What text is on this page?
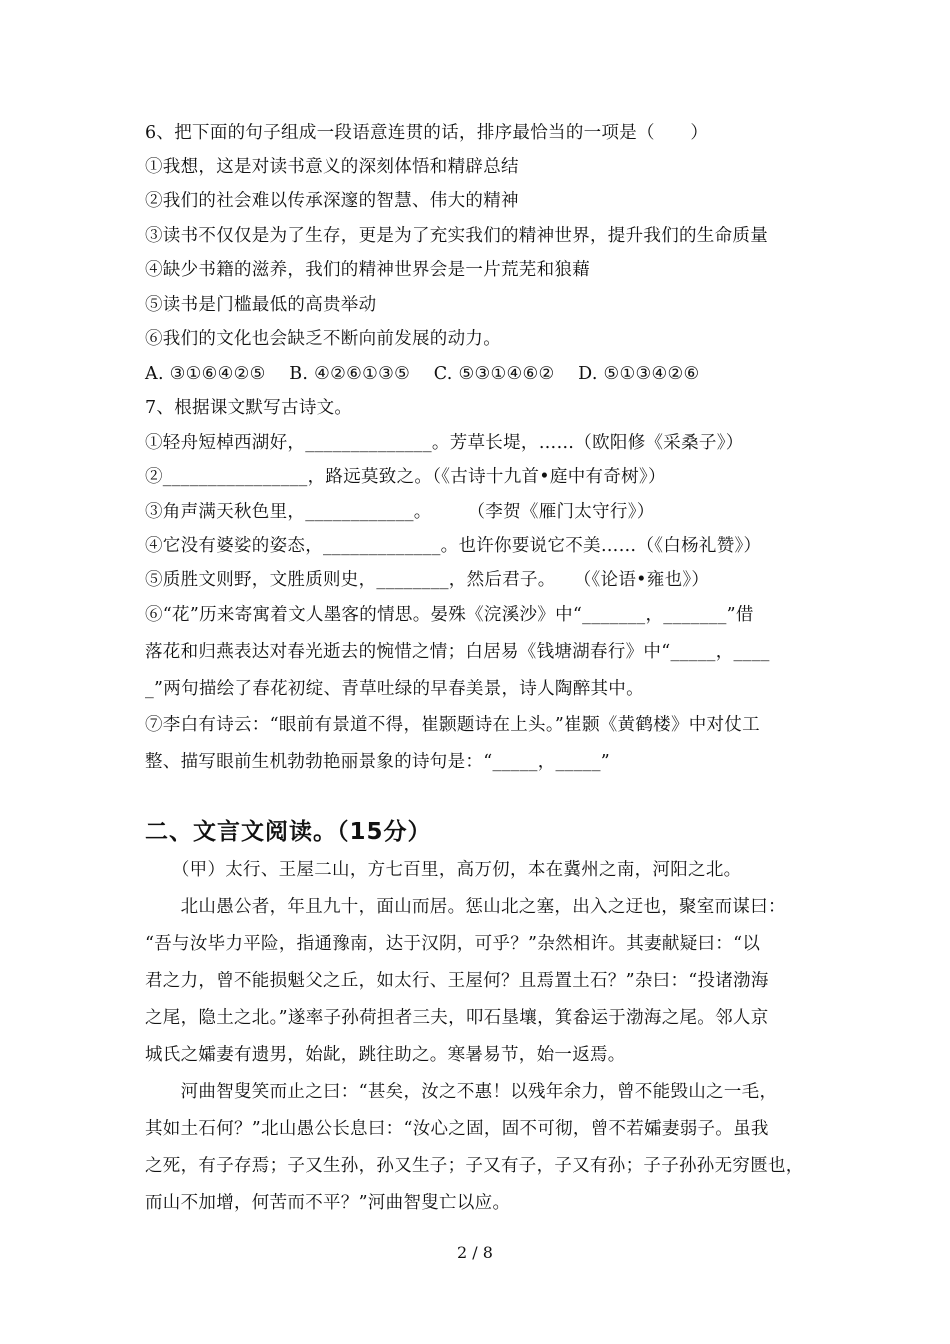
6、把下面的句子组成一段语意连贯的话，排序最恰当的一项是（　　）
①我想，这是对读书意义的深刻体悟和精辟总结
②我们的社会难以传承深邃的智慧、伟大的精神
③读书不仅仅是为了生存，更是为了充实我们的精神世界，提升我们的生命质量
④缺少书籍的滋养，我们的精神世界会是一片荒芜和狼藉
⑤读书是门槛最低的高贵举动
⑥我们的文化也会缺乏不断向前发展的动力。
A. ③①⑥④②⑤　 B. ④②⑥①③⑤　 C. ⑤③①④⑥②　 D. ⑤①③④②⑥
7、根据课文默写古诗文。
①轻舟短棹西湖好，______________。芳草长堤，……（欧阳修《采桑子》）
②________________，路远莫致之。（《古诗十九首•庭中有奇树》）
③角声满天秋色里，____________。　　　（李贺《雁门太守行》）
④它没有婆娑的姿态，_____________。也许你要说它不美……（《白杨礼赞》）
⑤质胜文则野，文胜质则史，________，然后君子。　　（《论语•雍也》）
⑥“花”历来寄寓着文人墨客的情思。晏殊《浣溪沙》中“_______，_______”借
落花和归燕表达对春光逝去的惋惜之情；白居易《钱塘湖春行》中“_____，____
_”两句描绘了春花初绽、青草吐绿的早春美景，诗人陶醉其中。
⑦李白有诗云：“眼前有景道不得，崔颢题诗在上头。”崔颢《黄鹤楼》中对仗工
整、描写眼前生机勃勃艳丽景象的诗句是：“_____，_____”
二、文言文阅读。（15分）
　　（甲）太行、王屋二山，方七百里，高万仞，本在冀州之南，河阳之北。
　　北山愚公者，年且九十，面山而居。惩山北之塞，出入之迂也，聚室而谋曰：
“吾与汝毕力平险，指通豫南，达于汉阴，可乎？”杂然相许。其妻献疑曰：“以
君之力，曾不能损魁父之丘，如太行、王屋何？且焉置土石？”杂曰：“投诸渤海
之尾，隐土之北。”遂率子孙荷担者三夫，叩石垦壤，箕畚运于渤海之尾。邻人京
城氏之孀妻有遗男，始龀，跳往助之。寒暑易节，始一返焉。
　　河曲智叟笑而止之曰：“甚矣，汝之不惠！以残年余力，曾不能毁山之一毛，
其如土石何？”北山愚公长息曰：“汝心之固，固不可彻，曾不若孀妻弱子。虽我
之死，有子存焉；子又生孙，孙又生子；子又有子，子又有孙；子子孙孙无穷匮也，
而山不加增，何苦而不平？”河曲智叟亡以应。
2 / 8
